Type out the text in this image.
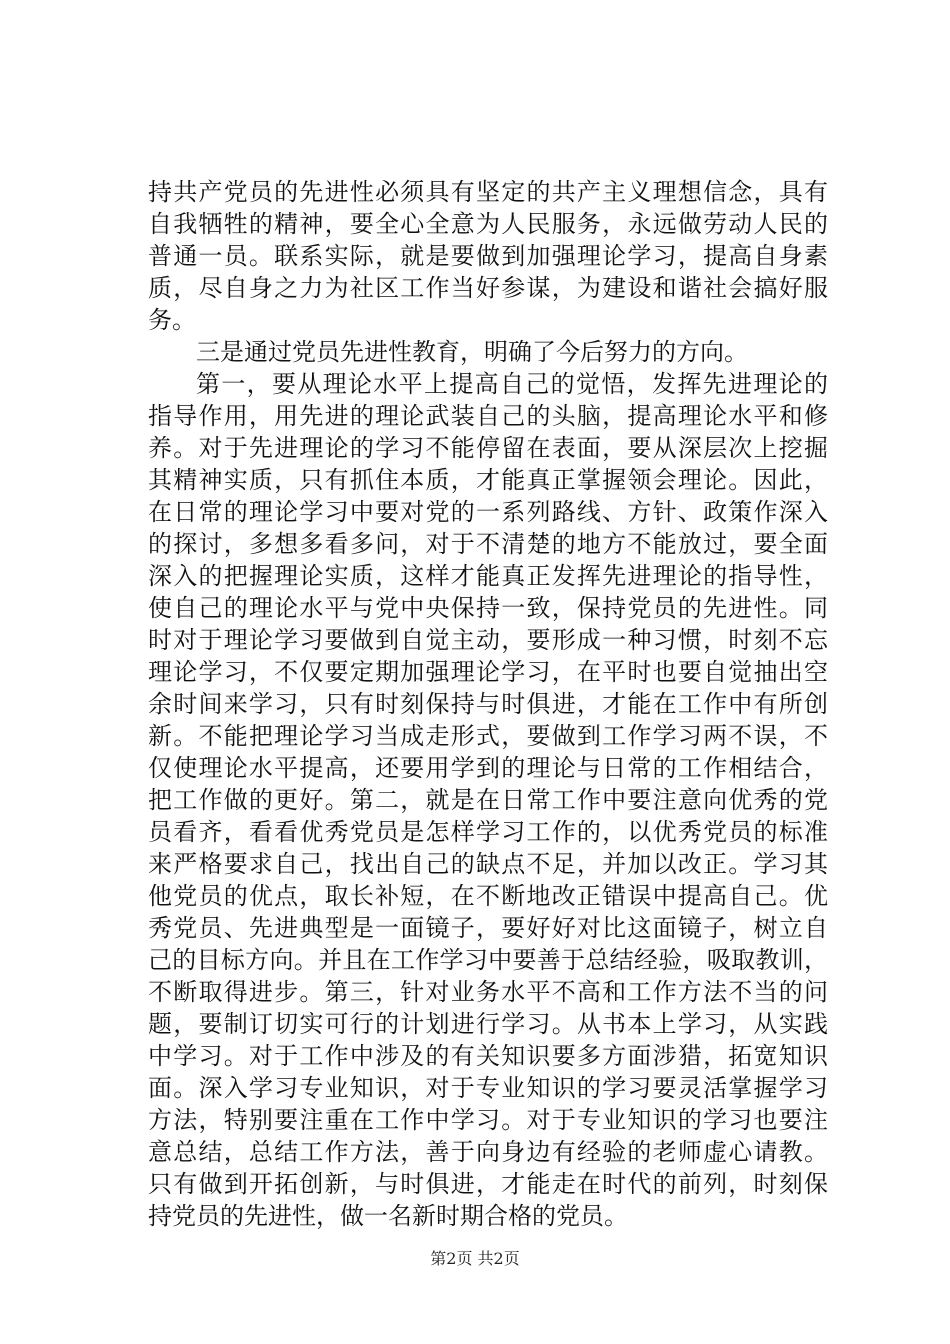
持共产党员的先进性必须具有坚定的共产主义理想信念，具有
自我牺牲的精神，要全心全意为人民服务，永远做劳动人民的
普通一员。联系实际，就是要做到加强理论学习，提高自身素
质，尽自身之力为社区工作当好参谋，为建设和谐社会搞好服
务。
三是通过党员先进性教育，明确了今后努力的方向。
第一，要从理论水平上提高自己的觉悟，发挥先进理论的
指导作用，用先进的理论武装自己的头脑，提高理论水平和修
养。对于先进理论的学习不能停留在表面，要从深层次上挖掘
其精神实质，只有抓住本质，才能真正掌握领会理论。因此，
在日常的理论学习中要对党的一系列路线、方针、政策作深入
的探讨，多想多看多问，对于不清楚的地方不能放过，要全面
深入的把握理论实质，这样才能真正发挥先进理论的指导性，
使自己的理论水平与党中央保持一致，保持党员的先进性。同
时对于理论学习要做到自觉主动，要形成一种习惯，时刻不忘
理论学习，不仅要定期加强理论学习，在平时也要自觉抽出空
余时间来学习，只有时刻保持与时俱进，才能在工作中有所创
新。不能把理论学习当成走形式，要做到工作学习两不误，不
仅使理论水平提高，还要用学到的理论与日常的工作相结合，
把工作做的更好。第二，就是在日常工作中要注意向优秀的党
员看齐，看看优秀党员是怎样学习工作的，以优秀党员的标准
来严格要求自己，找出自己的缺点不足，并加以改正。学习其
他党员的优点，取长补短，在不断地改正错误中提高自己。优
秀党员、先进典型是一面镜子，要好好对比这面镜子，树立自
己的目标方向。并且在工作学习中要善于总结经验，吸取教训，
不断取得进步。第三，针对业务水平不高和工作方法不当的问
题，要制订切实可行的计划进行学习。从书本上学习，从实践
中学习。对于工作中涉及的有关知识要多方面涉猎，拓宽知识
面。深入学习专业知识，对于专业知识的学习要灵活掌握学习
方法，特别要注重在工作中学习。对于专业知识的学习也要注
意总结，总结工作方法，善于向身边有经验的老师虚心请教。
只有做到开拓创新，与时俱进，才能走在时代的前列，时刻保
持党员的先进性，做一名新时期合格的党员。
第2页 共2页
